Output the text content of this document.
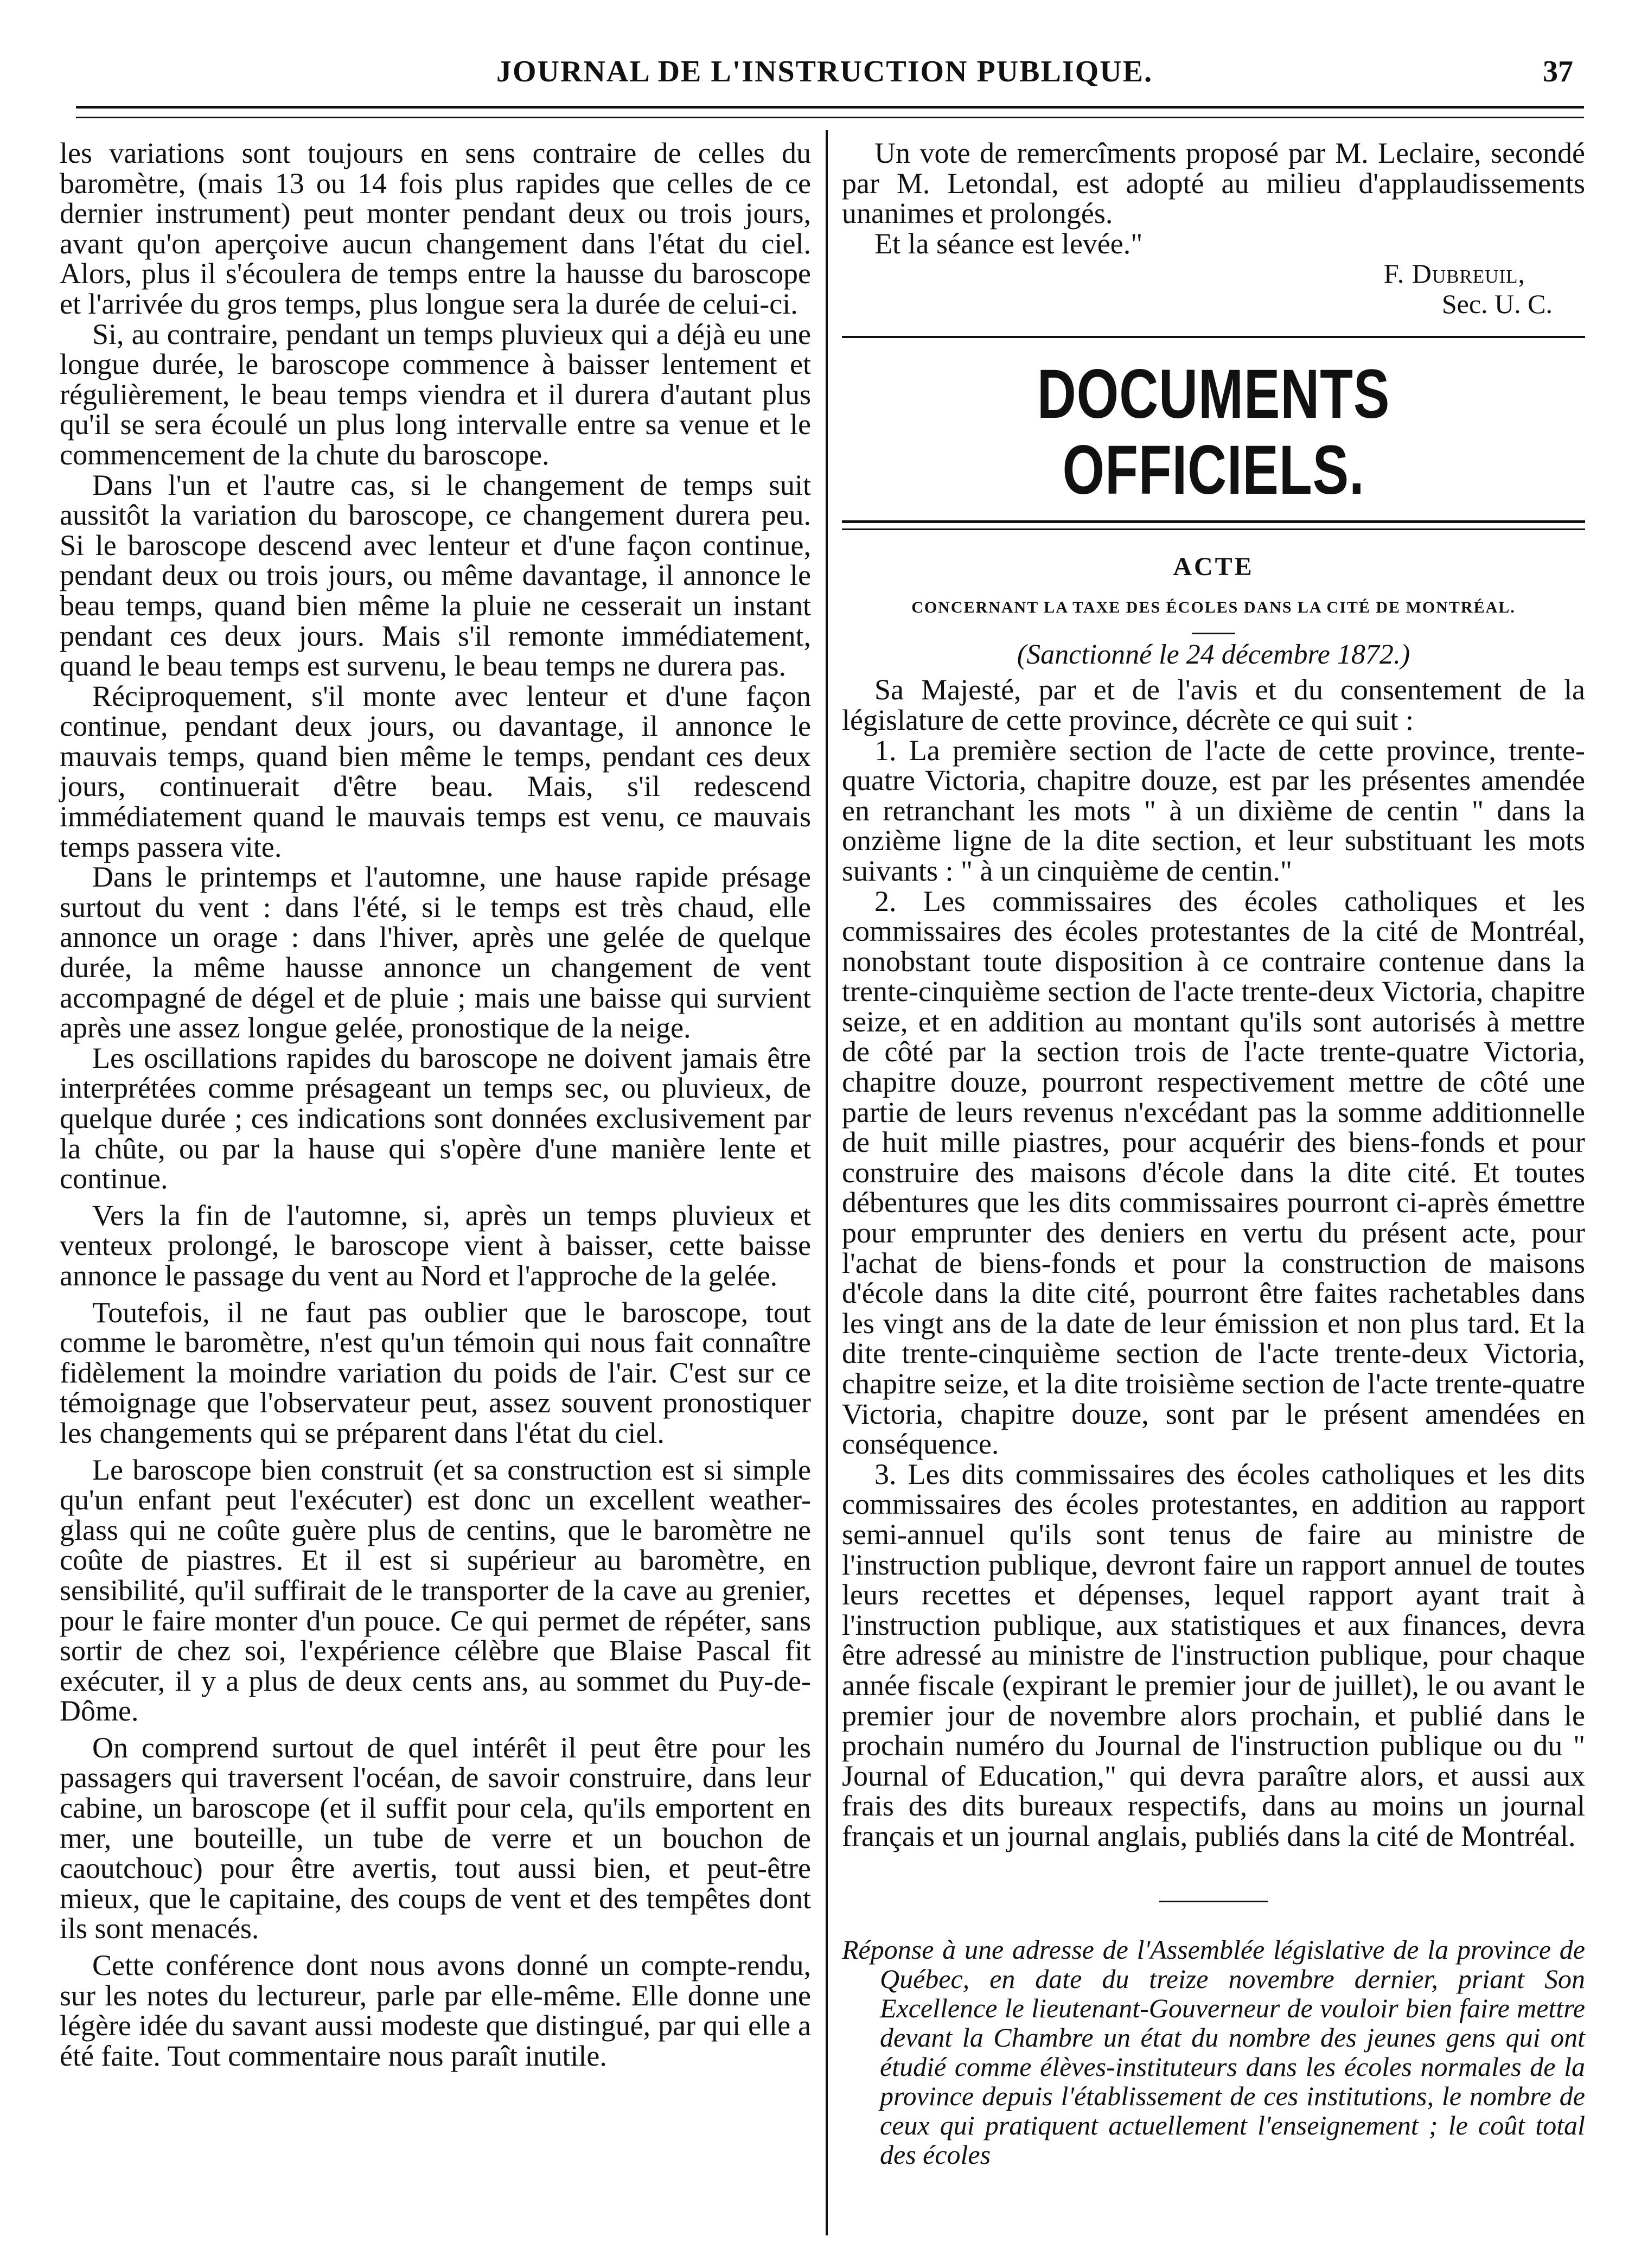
JOURNAL DE L'INSTRUCTION PUBLIQUE.	37

les variations sont toujours en sens contraire de celles du baromètre, (mais 13 ou 14 fois plus rapides que celles de ce dernier instrument) peut monter pendant deux ou trois jours, avant qu'on aperçoive aucun changement dans l'état du ciel. Alors, plus il s'écoulera de temps entre la hausse du baroscope et l'arrivée du gros temps, plus longue sera la durée de celui-ci.

Si, au contraire, pendant un temps pluvieux qui a déjà eu une longue durée, le baroscope commence à baisser lentement et régulièrement, le beau temps viendra et il durera d'autant plus qu'il se sera écoulé un plus long intervalle entre sa venue et le commencement de la chute du baroscope.

Dans l'un et l'autre cas, si le changement de temps suit aussitôt la variation du baroscope, ce changement durera peu. Si le baroscope descend avec lenteur et d'une façon continue, pendant deux ou trois jours, ou même davantage, il annonce le beau temps, quand bien même la pluie ne cesserait un instant pendant ces deux jours. Mais s'il remonte immédiatement, quand le beau temps est survenu, le beau temps ne durera pas.

Réciproquement, s'il monte avec lenteur et d'une façon continue, pendant deux jours, ou davantage, il annonce le mauvais temps, quand bien même le temps, pendant ces deux jours, continuerait d'être beau. Mais, s'il redescend immédiatement quand le mauvais temps est venu, ce mauvais temps passera vite.

Dans le printemps et l'automne, une hause rapide présage surtout du vent : dans l'été, si le temps est très chaud, elle annonce un orage : dans l'hiver, après une gelée de quelque durée, la même hausse annonce un changement de vent accompagné de dégel et de pluie ; mais une baisse qui survient après une assez longue gelée, pronostique de la neige.

Les oscillations rapides du baroscope ne doivent jamais être interprétées comme présageant un temps sec, ou pluvieux, de quelque durée ; ces indications sont données exclusivement par la chûte, ou par la hause qui s'opère d'une manière lente et continue.

Vers la fin de l'automne, si, après un temps pluvieux et venteux prolongé, le baroscope vient à baisser, cette baisse annonce le passage du vent au Nord et l'approche de la gelée.

Toutefois, il ne faut pas oublier que le baroscope, tout comme le baromètre, n'est qu'un témoin qui nous fait connaître fidèlement la moindre variation du poids de l'air. C'est sur ce témoignage que l'observateur peut, assez souvent pronostiquer les changements qui se préparent dans l'état du ciel.

Le baroscope bien construit (et sa construction est si simple qu'un enfant peut l'exécuter) est donc un excellent weather-glass qui ne coûte guère plus de centins, que le baromètre ne coûte de piastres. Et il est si supérieur au baromètre, en sensibilité, qu'il suffirait de le transporter de la cave au grenier, pour le faire monter d'un pouce. Ce qui permet de répéter, sans sortir de chez soi, l'expérience célèbre que Blaise Pascal fit exécuter, il y a plus de deux cents ans, au sommet du Puy-de-Dôme.

On comprend surtout de quel intérêt il peut être pour les passagers qui traversent l'océan, de savoir construire, dans leur cabine, un baroscope (et il suffit pour cela, qu'ils emportent en mer, une bouteille, un tube de verre et un bouchon de caoutchouc) pour être avertis, tout aussi bien, et peut-être mieux, que le capitaine, des coups de vent et des tempêtes dont ils sont menacés.

Cette conférence dont nous avons donné un compte-rendu, sur les notes du lectureur, parle par elle-même. Elle donne une légère idée du savant aussi modeste que distingué, par qui elle a été faite. Tout commentaire nous paraît inutile.

Un vote de remercîments proposé par M. Leclaire, secondé par M. Letondal, est adopté au milieu d'applaudissements unanimes et prolongés.

Et la séance est levée."

F. Dubreuil,
Sec. U. C.
DOCUMENTS OFFICIELS.
ACTE
CONCERNANT LA TAXE DES ÉCOLES DANS LA CITÉ DE MONTRÉAL.
(Sanctionné le 24 décembre 1872.)

Sa Majesté, par et de l'avis et du consentement de la législature de cette province, décrète ce qui suit :

1. La première section de l'acte de cette province, trente-quatre Victoria, chapitre douze, est par les présentes amendée en retranchant les mots " à un dixième de centin " dans la onzième ligne de la dite section, et leur substituant les mots suivants : " à un cinquième de centin."

2. Les commissaires des écoles catholiques et les commissaires des écoles protestantes de la cité de Montréal, nonobstant toute disposition à ce contraire contenue dans la trente-cinquième section de l'acte trente-deux Victoria, chapitre seize, et en addition au montant qu'ils sont autorisés à mettre de côté par la section trois de l'acte trente-quatre Victoria, chapitre douze, pourront respectivement mettre de côté une partie de leurs revenus n'excédant pas la somme additionnelle de huit mille piastres, pour acquérir des biens-fonds et pour construire des maisons d'école dans la dite cité. Et toutes débentures que les dits commissaires pourront ci-après émettre pour emprunter des deniers en vertu du présent acte, pour l'achat de biens-fonds et pour la construction de maisons d'école dans la dite cité, pourront être faites rachetables dans les vingt ans de la date de leur émission et non plus tard. Et la dite trente-cinquième section de l'acte trente-deux Victoria, chapitre seize, et la dite troisième section de l'acte trente-quatre Victoria, chapitre douze, sont par le présent amendées en conséquence.

3. Les dits commissaires des écoles catholiques et les dits commissaires des écoles protestantes, en addition au rapport semi-annuel qu'ils sont tenus de faire au ministre de l'instruction publique, devront faire un rapport annuel de toutes leurs recettes et dépenses, lequel rapport ayant trait à l'instruction publique, aux statistiques et aux finances, devra être adressé au ministre de l'instruction publique, pour chaque année fiscale (expirant le premier jour de juillet), le ou avant le premier jour de novembre alors prochain, et publié dans le prochain numéro du Journal de l'instruction publique ou du " Journal of Education," qui devra paraître alors, et aussi aux frais des dits bureaux respectifs, dans au moins un journal français et un journal anglais, publiés dans la cité de Montréal.

Réponse à une adresse de l'Assemblée législative de la province de Québec, en date du treize novembre dernier, priant Son Excellence le lieutenant-Gouverneur de vouloir bien faire mettre devant la Chambre un état du nombre des jeunes gens qui ont étudié comme élèves-instituteurs dans les écoles normales de la province depuis l'établissement de ces institutions, le nombre de ceux qui pratiquent actuellement l'enseignement ; le coût total des écoles
